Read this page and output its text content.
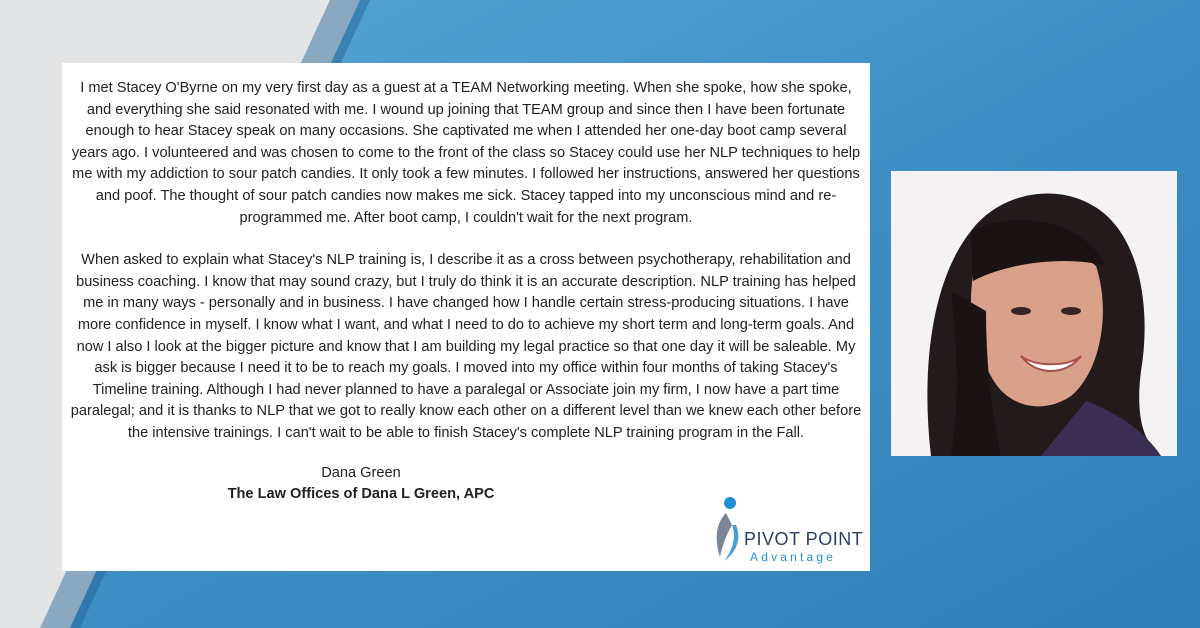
I met Stacey O'Byrne on my very first day as a guest at a TEAM Networking meeting. When she spoke, how she spoke, and everything she said resonated with me. I wound up joining that TEAM group and since then I have been fortunate enough to hear Stacey speak on many occasions. She captivated me when I attended her one-day boot camp several years ago. I volunteered and was chosen to come to the front of the class so Stacey could use her NLP techniques to help me with my addiction to sour patch candies. It only took a few minutes. I followed her instructions, answered her questions and poof. The thought of sour patch candies now makes me sick. Stacey tapped into my unconscious mind and re-programmed me. After boot camp, I couldn't wait for the next program.

When asked to explain what Stacey's NLP training is, I describe it as a cross between psychotherapy, rehabilitation and business coaching. I know that may sound crazy, but I truly do think it is an accurate description. NLP training has helped me in many ways - personally and in business. I have changed how I handle certain stress-producing situations. I have more confidence in myself. I know what I want, and what I need to do to achieve my short term and long-term goals. And now I also I look at the bigger picture and know that I am building my legal practice so that one day it will be saleable. My ask is bigger because I need it to be to reach my goals. I moved into my office within four months of taking Stacey's Timeline training. Although I had never planned to have a paralegal or Associate join my firm, I now have a part time paralegal; and it is thanks to NLP that we got to really know each other on a different level than we knew each other before the intensive trainings. I can't wait to be able to finish Stacey's complete NLP training program in the Fall.

Dana Green
The Law Offices of Dana L Green, APC
PIVOT POINT
Advantage
